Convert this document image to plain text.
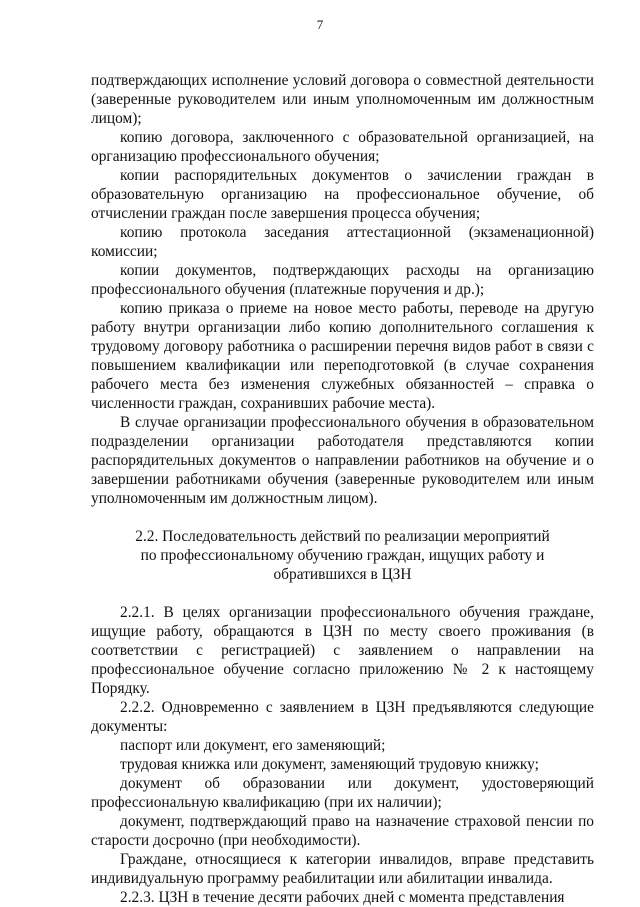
7

подтверждающих исполнение условий договора о совместной деятельности (заверенные руководителем или иным уполномоченным им должностным лицом);

копию договора, заключенного с образовательной организацией, на организацию профессионального обучения;

копии распорядительных документов о зачислении граждан в образовательную организацию на профессиональное обучение, об отчислении граждан после завершения процесса обучения;

копию протокола заседания аттестационной (экзаменационной) комиссии;

копии документов, подтверждающих расходы на организацию профессионального обучения (платежные поручения и др.);

копию приказа о приеме на новое место работы, переводе на другую работу внутри организации либо копию дополнительного соглашения к трудовому договору работника о расширении перечня видов работ в связи с повышением квалификации или переподготовкой (в случае сохранения рабочего места без изменения служебных обязанностей – справка о численности граждан, сохранивших рабочие места).

В случае организации профессионального обучения в образовательном подразделении организации работодателя представляются копии распорядительных документов о направлении работников на обучение и о завершении работниками обучения (заверенные руководителем или иным уполномоченным им должностным лицом).

2.2. Последовательность действий по реализации мероприятий
по профессиональному обучению граждан, ищущих работу и
обратившихся в ЦЗН

2.2.1. В целях организации профессионального обучения граждане, ищущие работу, обращаются в ЦЗН по месту своего проживания (в соответствии с регистрацией) с заявлением о направлении на профессиональное обучение согласно приложению № 2 к настоящему Порядку.

2.2.2. Одновременно с заявлением в ЦЗН предъявляются следующие документы:

паспорт или документ, его заменяющий;

трудовая книжка или документ, заменяющий трудовую книжку;

документ об образовании или документ, удостоверяющий профессиональную квалификацию (при их наличии);

документ, подтверждающий право на назначение страховой пенсии по старости досрочно (при необходимости).

Граждане, относящиеся к категории инвалидов, вправе представить индивидуальную программу реабилитации или абилитации инвалида.

2.2.3. ЦЗН в течение десяти рабочих дней с момента представления
